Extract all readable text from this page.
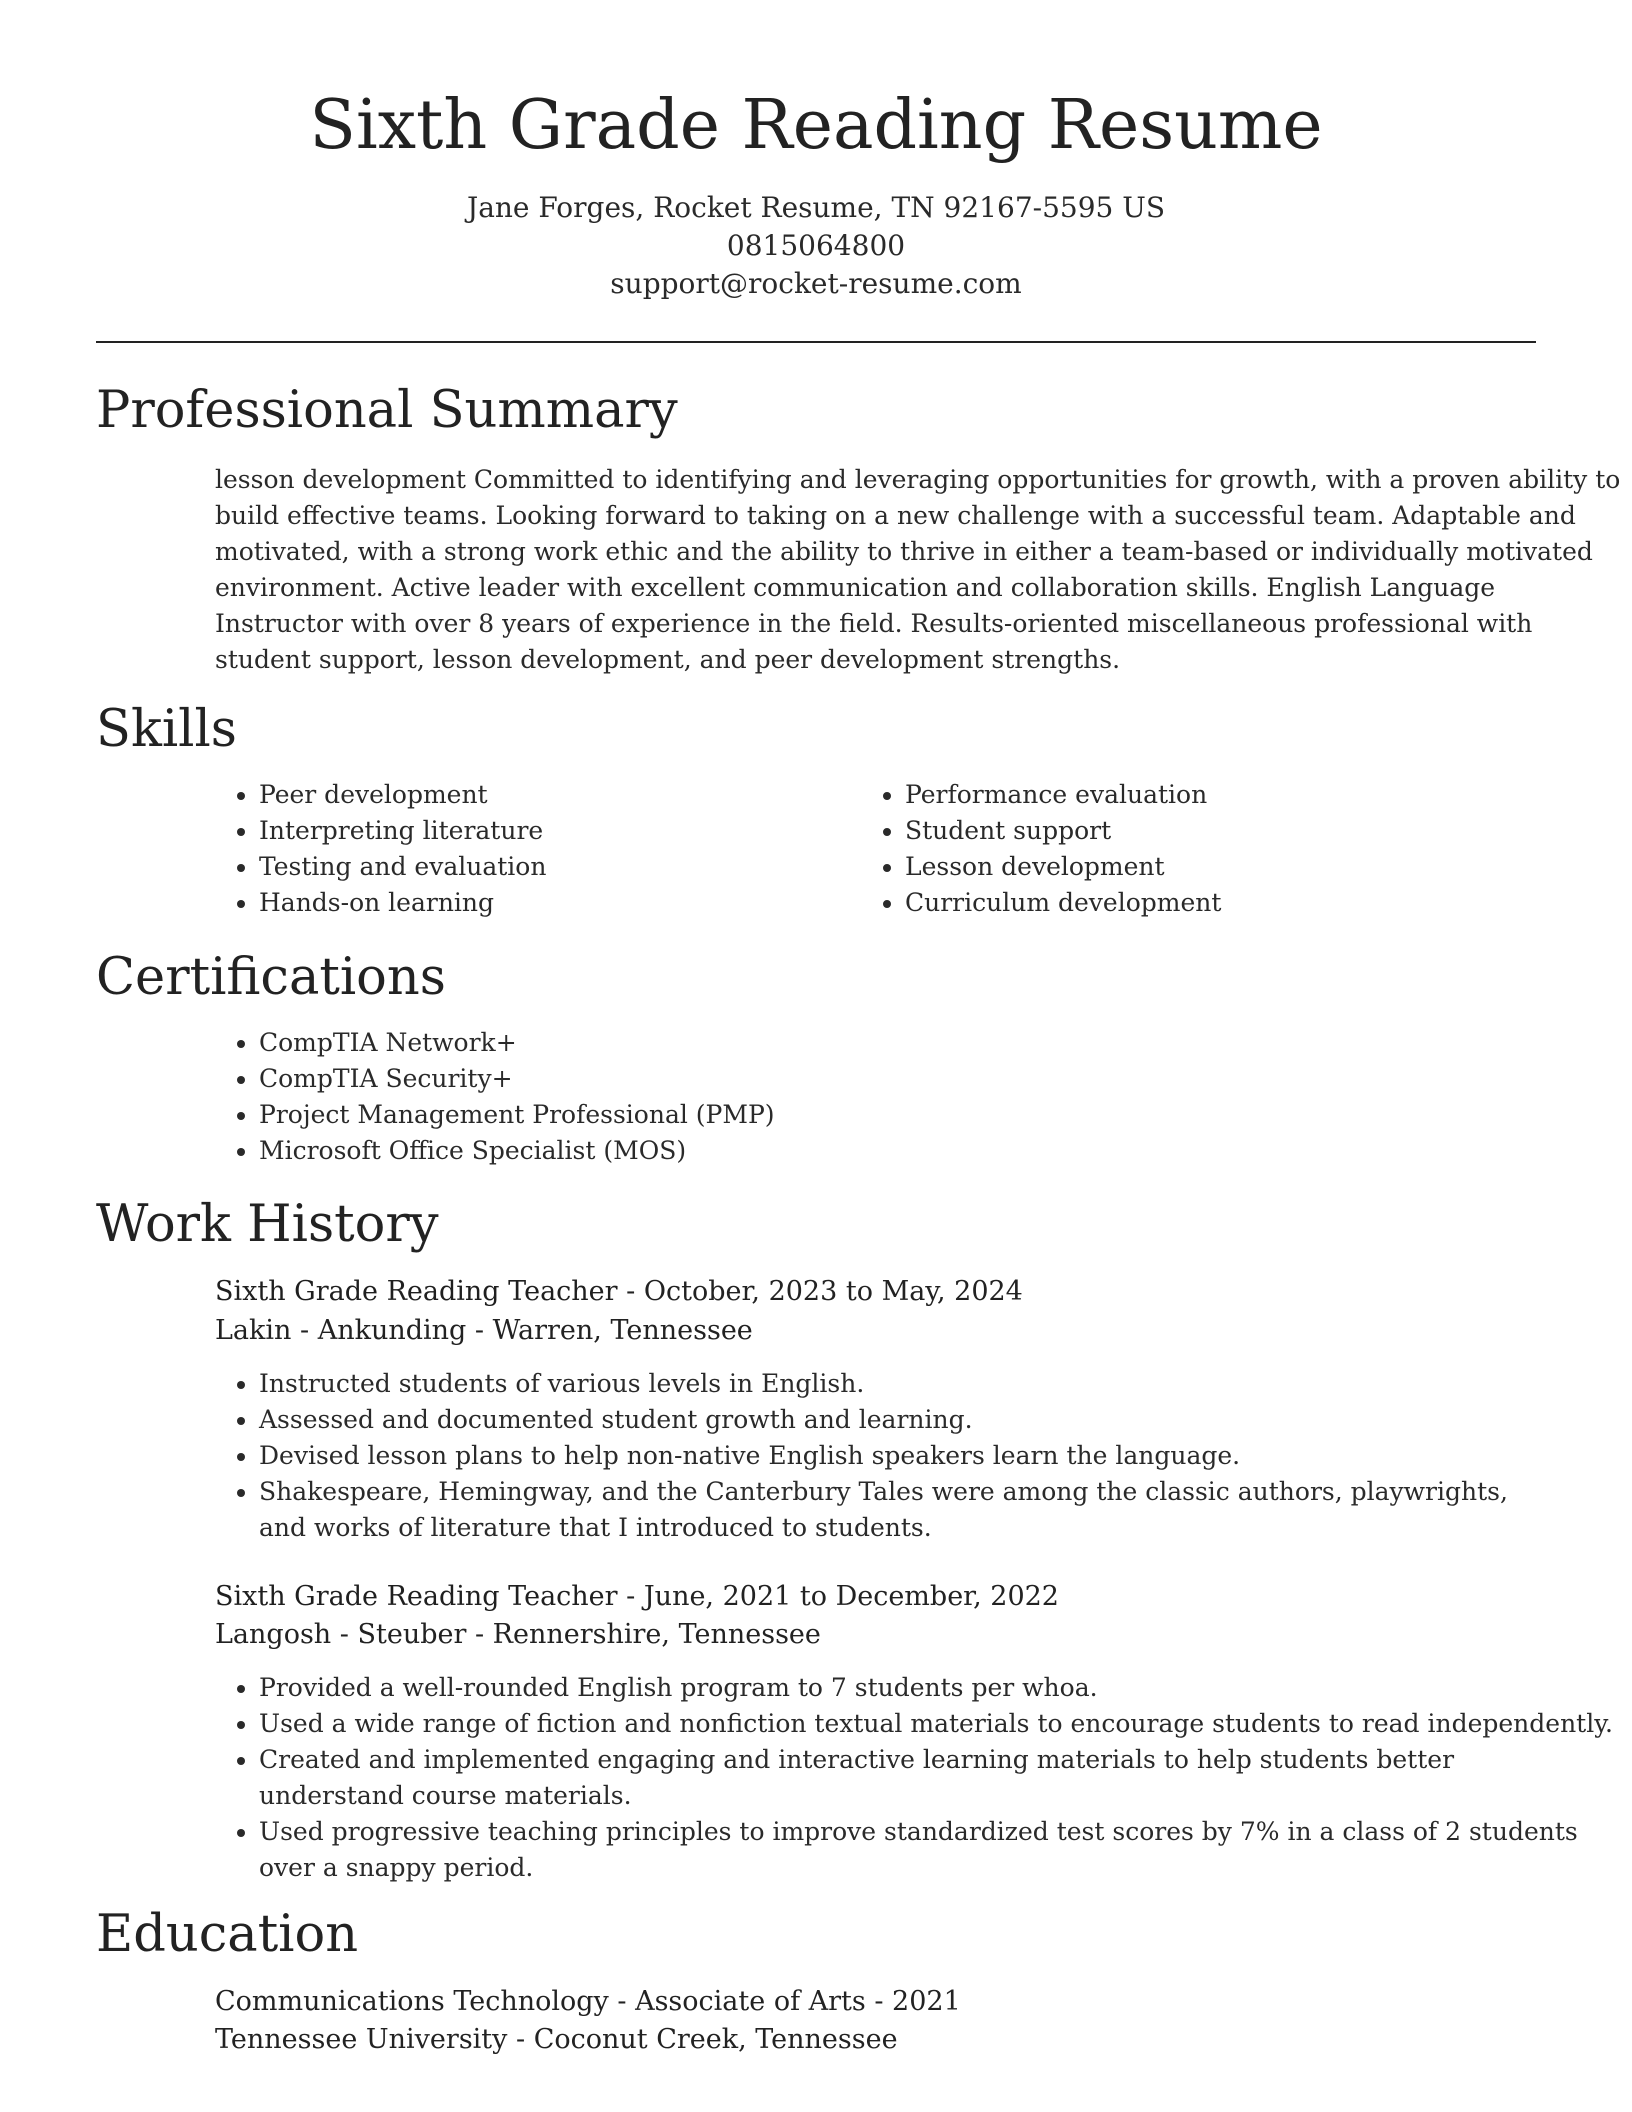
Sixth Grade Reading Resume
Jane Forges, Rocket Resume, TN 92167-5595 US
0815064800
support@rocket-resume.com
Professional Summary
lesson development Committed to identifying and leveraging opportunities for growth, with a proven ability to
build effective teams. Looking forward to taking on a new challenge with a successful team. Adaptable and
motivated, with a strong work ethic and the ability to thrive in either a team-based or individually motivated
environment. Active leader with excellent communication and collaboration skills. English Language
Instructor with over 8 years of experience in the field. Results-oriented miscellaneous professional with
student support, lesson development, and peer development strengths.
Skills
• Peer development
• Interpreting literature
• Testing and evaluation
• Hands-on learning
• Performance evaluation
• Student support
• Lesson development
• Curriculum development
Certifications
• CompTIA Network+
• CompTIA Security+
• Project Management Professional (PMP)
• Microsoft Office Specialist (MOS)
Work History
Sixth Grade Reading Teacher - October, 2023 to May, 2024
Lakin - Ankunding - Warren, Tennessee
• Instructed students of various levels in English.
• Assessed and documented student growth and learning.
• Devised lesson plans to help non-native English speakers learn the language.
• Shakespeare, Hemingway, and the Canterbury Tales were among the classic authors, playwrights, and works of literature that I introduced to students.
Sixth Grade Reading Teacher - June, 2021 to December, 2022
Langosh - Steuber - Rennershire, Tennessee
• Provided a well-rounded English program to 7 students per whoa.
• Used a wide range of fiction and nonfiction textual materials to encourage students to read independently.
• Created and implemented engaging and interactive learning materials to help students better understand course materials.
• Used progressive teaching principles to improve standardized test scores by 7% in a class of 2 students over a snappy period.
Education
Communications Technology - Associate of Arts - 2021
Tennessee University - Coconut Creek, Tennessee
